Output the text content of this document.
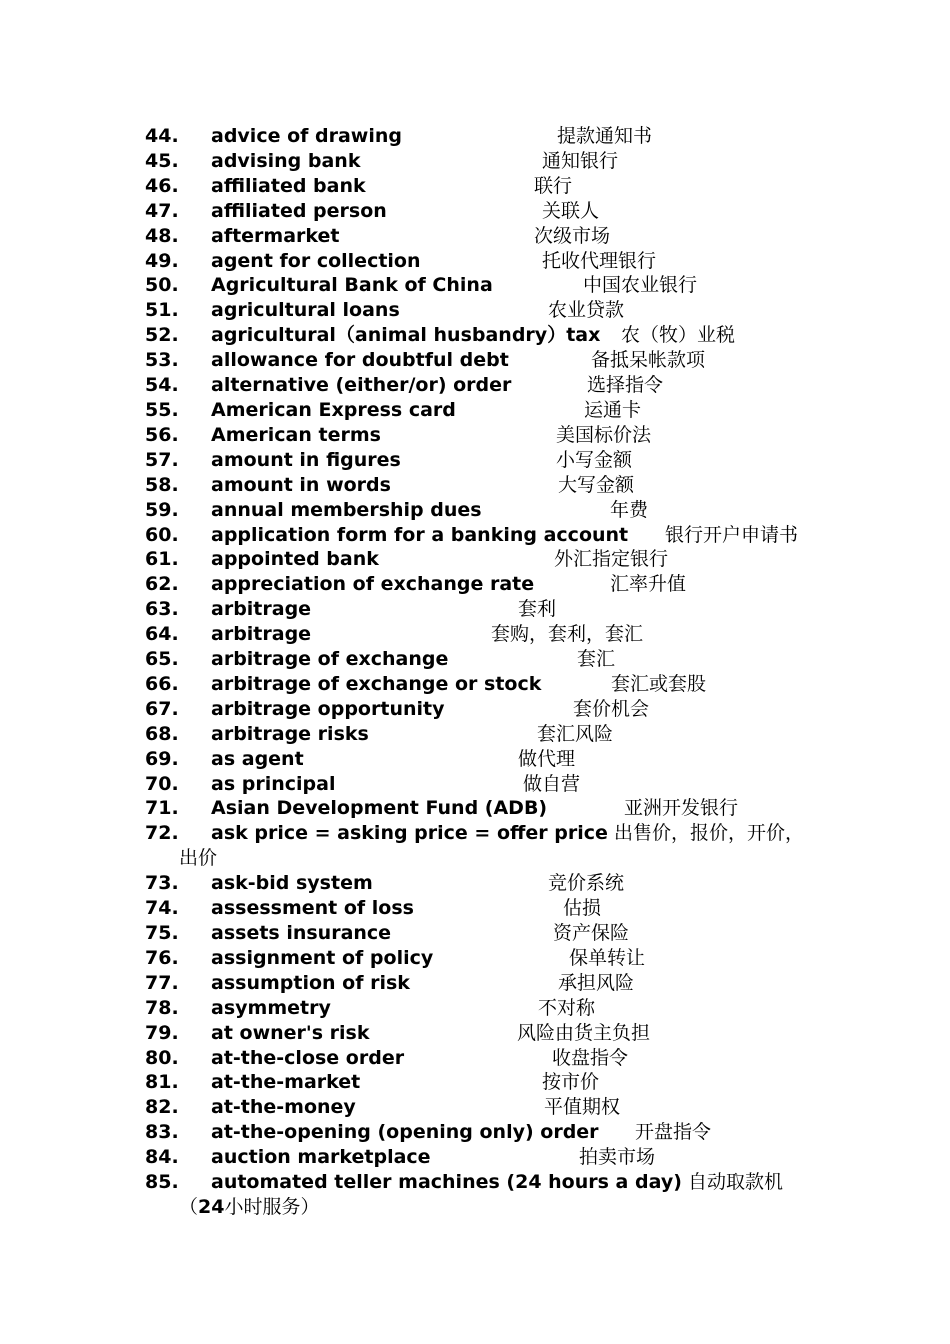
44. advice of drawing	提款通知书
45. advising bank	通知银行
46. affiliated bank	联行
47. affiliated person	关联人
48. aftermarket	次级市场
49. agent for collection	托收代理银行
50. Agricultural Bank of China	中国农业银行
51. agricultural loans	农业贷款
52. agricultural（animal husbandry）tax 农（牧）业税
53. allowance for doubtful debt	备抵呆帐款项
54. alternative (either/or) order	选择指令
55. American Express card	运通卡
56. American terms	美国标价法
57. amount in figures	小写金额
58. amount in words	大写金额
59. annual membership dues	年费
60. application form for a banking account 银行开户申请书
61. appointed bank	外汇指定银行
62. appreciation of exchange rate	汇率升值
63. arbitrage	套利
64. arbitrage	套购，套利，套汇
65. arbitrage of exchange	套汇
66. arbitrage of exchange or stock	套汇或套股
67. arbitrage opportunity	套价机会
68. arbitrage risks	套汇风险
69. as agent	做代理
70. as principal	做自营
71. Asian Development Fund (ADB)	亚洲开发银行
72. ask price = asking price = offer price 出售价，报价，开价，
出价
73. ask-bid system	竞价系统
74. assessment of loss	估损
75. assets insurance	资产保险
76. assignment of policy	保单转让
77. assumption of risk	承担风险
78. asymmetry	不对称
79. at owner's risk	风险由货主负担
80. at-the-close order	收盘指令
81. at-the-market	按市价
82. at-the-money	平值期权
83. at-the-opening (opening only) order 开盘指令
84. auction marketplace	拍卖市场
85. automated teller machines (24 hours a day) 自动取款机
（24小时服务）
